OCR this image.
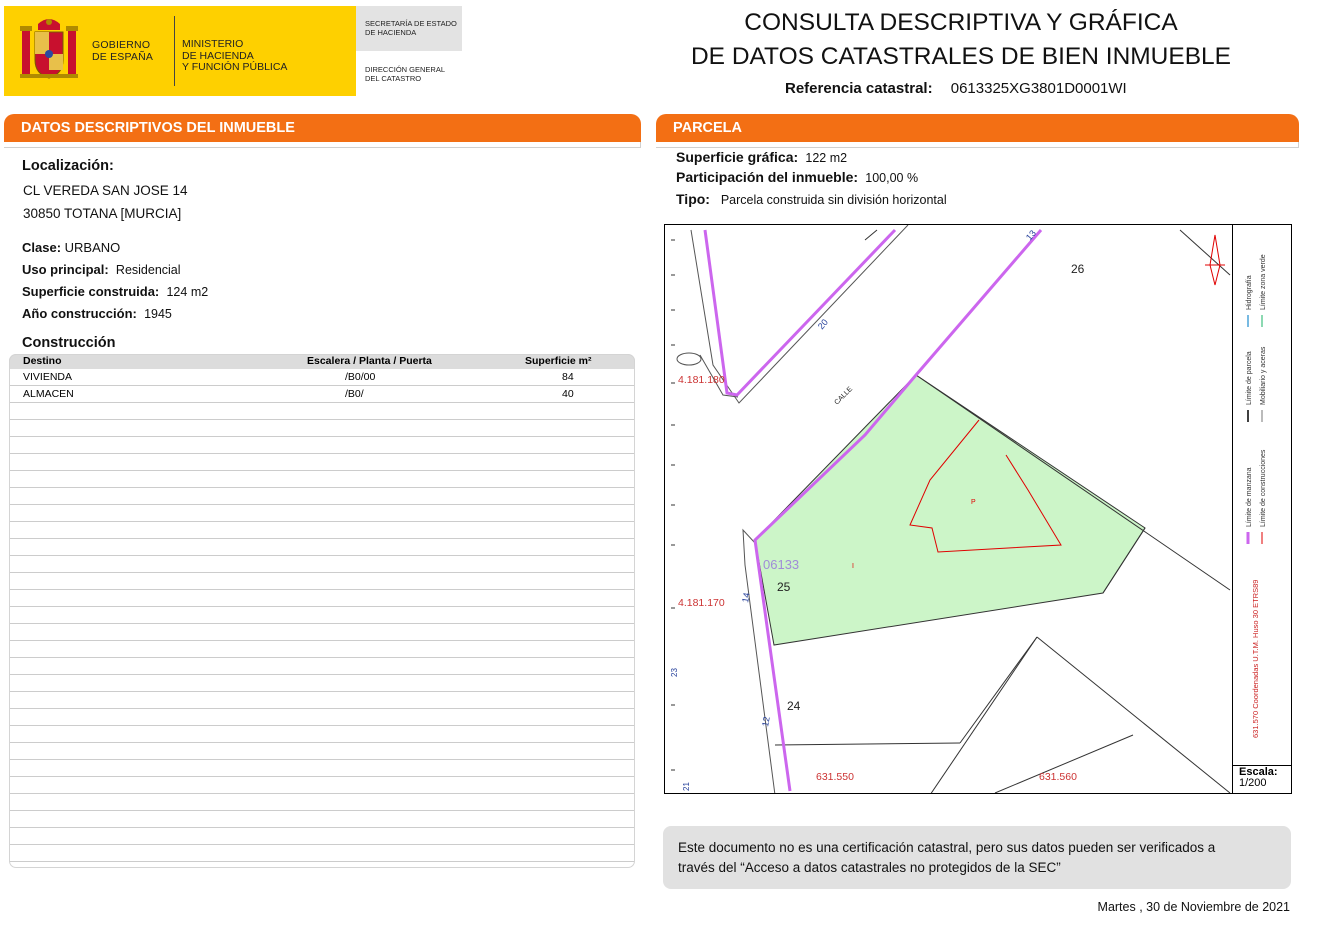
GOBIERNO
DE ESPAÑA
MINISTERIO
DE HACIENDA
Y FUNCIÓN PÚBLICA
SECRETARÍA DE ESTADO
DE HACIENDA
DIRECCIÓN GENERAL
DEL CATASTRO
CONSULTA DESCRIPTIVA Y GRÁFICA
DE DATOS CATASTRALES DE BIEN INMUEBLE
Referencia catastral: 0613325XG3801D0001WI
DATOS DESCRIPTIVOS DEL INMUEBLE
Localización:
CL VEREDA SAN JOSE 14
30850 TOTANA [MURCIA]
Clase: URBANO
Uso principal: Residencial
Superficie construida: 124 m2
Año construcción: 1945
Construcción
Destino	Escalera / Planta / Puerta	Superficie m²
VIVIENDA	/B0/00	84
ALMACEN	/B0/	40
PARCELA
Superficie gráfica: 122 m2
Participación del inmueble: 100,00 %
Tipo: Parcela construida sin división horizontal
26
25
24
06133
P
I
CALLE
20
13
14
12
21
23
4.181.180
4.181.170
631.550	631.560
Hidrografía Límite zona verde
Límite de parcela Mobiliario y aceras
Límite de manzana Límite de construcciones
631.570 Coordenadas U.T.M. Huso 30 ETRS89
Escala:
1/200
Este documento no es una certificación catastral, pero sus datos pueden ser verificados a
través del “Acceso a datos catastrales no protegidos de la SEC”
Martes , 30 de Noviembre de 2021
